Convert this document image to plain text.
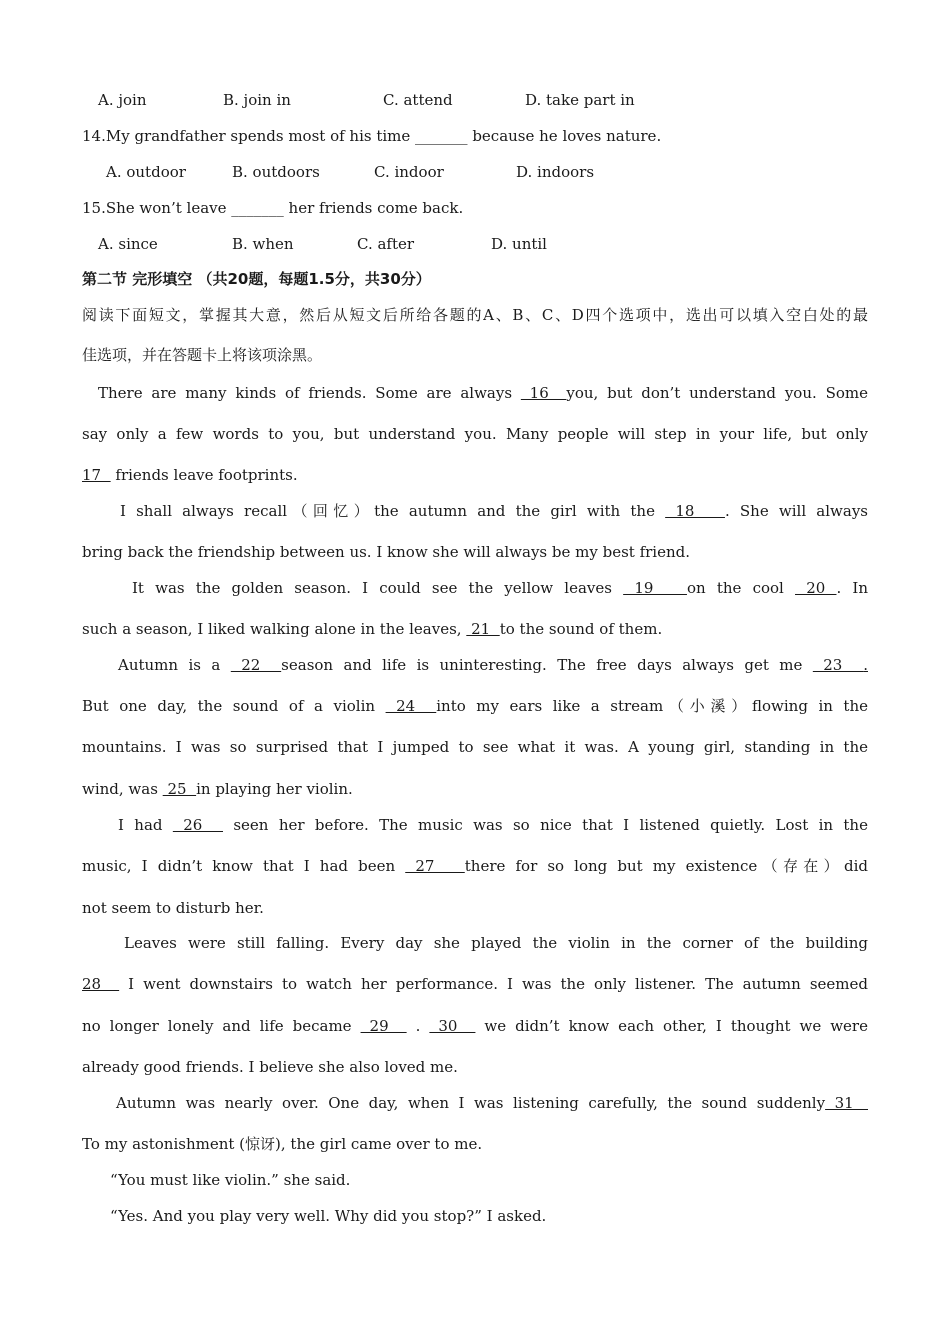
A. join	B. join in	C. attend	D. take part in
14.My grandfather spends most of his time _______ because he loves nature.
A. outdoor	B. outdoors	C. indoor	D. indoors
15.She won’t leave _______ her friends come back.
A. since	B. when	C. after	D. until
第二节 完形填空 （共20题，每题1.5分，共30分）
阅读下面短文，掌握其大意，然后从短文后所给各题的A、B、C、D四个选项中，选出可以填入空白处的最
佳选项，并在答题卡上将该项涂黑。
There are many kinds of friends. Some are always  16  you, but don’t understand you. Some
say only a few words to you, but understand you. Many people will step in your life, but only
17   friends leave footprints.
I shall always recall（回忆）the autumn and the girl with the  18   . She will always
bring back the friendship between us. I know she will always be my best friend.
It was the golden season. I could see the yellow leaves  19   on the cool  20 . In
such a season, I liked walking alone in the leaves,  21  to the sound of them.
Autumn is a  22  season and life is uninteresting. The free days always get me  23  .
But one day, the sound of a violin  24  into my ears like a stream（小溪）flowing in the
mountains. I was so surprised that I jumped to see what it was. A young girl, standing in the
wind, was  25  in playing her violin.
I had  26   seen her before. The music was so nice that I listened quietly. Lost in the
music, I didn’t know that I had been  27   there for so long but my existence（存在）did
not seem to disturb her.
Leaves were still falling. Every day she played the violin in the corner of the building
28   I went downstairs to watch her performance. I was the only listener. The autumn seemed
no longer lonely and life became  29   .  30   we didn’t know each other, I thought we were
already good friends. I believe she also loved me.
Autumn was nearly over. One day, when I was listening carefully, the sound suddenly 31
To my astonishment (惊讶), the girl came over to me.
“You must like violin.” she said.
“Yes. And you play very well. Why did you stop?” I asked.
